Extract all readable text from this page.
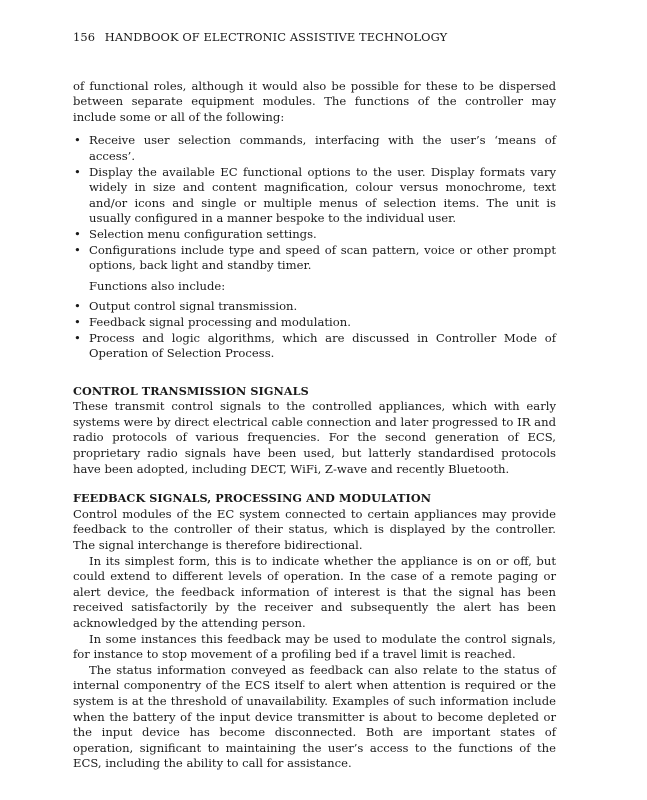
156 HANDBOOK OF ELECTRONIC ASSISTIVE TECHNOLOGY

of functional roles, although it would also be possible for these to be dispersed between separate equipment modules. The functions of the controller may include some or all of the following:

• Receive user selection commands, interfacing with the user’s ‘means of access’.
• Display the available EC functional options to the user. Display formats vary widely in size and content magnification, colour versus monochrome, text and/or icons and single or multiple menus of selection items. The unit is usually configured in a manner bespoke to the individual user.
• Selection menu configuration settings.
• Configurations include type and speed of scan pattern, voice or other prompt options, back light and standby timer.

Functions also include:

• Output control signal transmission.
• Feedback signal processing and modulation.
• Process and logic algorithms, which are discussed in Controller Mode of Operation of Selection Process.
CONTROL TRANSMISSION SIGNALS

These transmit control signals to the controlled appliances, which with early systems were by direct electrical cable connection and later progressed to IR and radio protocols of various frequencies. For the second generation of ECS, proprietary radio signals have been used, but latterly standardised protocols have been adopted, including DECT, WiFi, Z-wave and recently Bluetooth.

FEEDBACK SIGNALS, PROCESSING AND MODULATION

Control modules of the EC system connected to certain appliances may provide feedback to the controller of their status, which is displayed by the controller. The signal interchange is therefore bidirectional.

In its simplest form, this is to indicate whether the appliance is on or off, but could extend to different levels of operation. In the case of a remote paging or alert device, the feedback information of interest is that the signal has been received satisfactorily by the receiver and subsequently the alert has been acknowledged by the attending person.

In some instances this feedback may be used to modulate the control signals, for instance to stop movement of a profiling bed if a travel limit is reached.

The status information conveyed as feedback can also relate to the status of internal componentry of the ECS itself to alert when attention is required or the system is at the threshold of unavailability. Examples of such information include when the battery of the input device transmitter is about to become depleted or the input device has become disconnected. Both are important states of operation, significant to maintaining the user’s access to the functions of the ECS, including the ability to call for assistance.
